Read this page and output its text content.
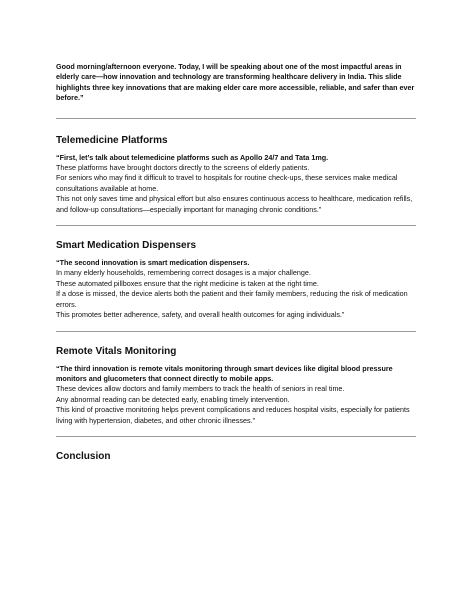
Good morning/afternoon everyone. Today, I will be speaking about one of the most impactful areas in elderly care—how innovation and technology are transforming healthcare delivery in India. This slide highlights three key innovations that are making elder care more accessible, reliable, and safer than ever before.”

Telemedicine Platforms

“First, let’s talk about telemedicine platforms such as Apollo 24/7 and Tata 1mg.
These platforms have brought doctors directly to the screens of elderly patients.
For seniors who may find it difficult to travel to hospitals for routine check-ups, these services make medical consultations available at home.
This not only saves time and physical effort but also ensures continuous access to healthcare, medication refills, and follow-up consultations—especially important for managing chronic conditions.”

Smart Medication Dispensers

“The second innovation is smart medication dispensers.
In many elderly households, remembering correct dosages is a major challenge.
These automated pillboxes ensure that the right medicine is taken at the right time.
If a dose is missed, the device alerts both the patient and their family members, reducing the risk of medication errors.
This promotes better adherence, safety, and overall health outcomes for aging individuals.”

Remote Vitals Monitoring

“The third innovation is remote vitals monitoring through smart devices like digital blood pressure monitors and glucometers that connect directly to mobile apps.
These devices allow doctors and family members to track the health of seniors in real time.
Any abnormal reading can be detected early, enabling timely intervention.
This kind of proactive monitoring helps prevent complications and reduces hospital visits, especially for patients living with hypertension, diabetes, and other chronic illnesses.”

Conclusion
